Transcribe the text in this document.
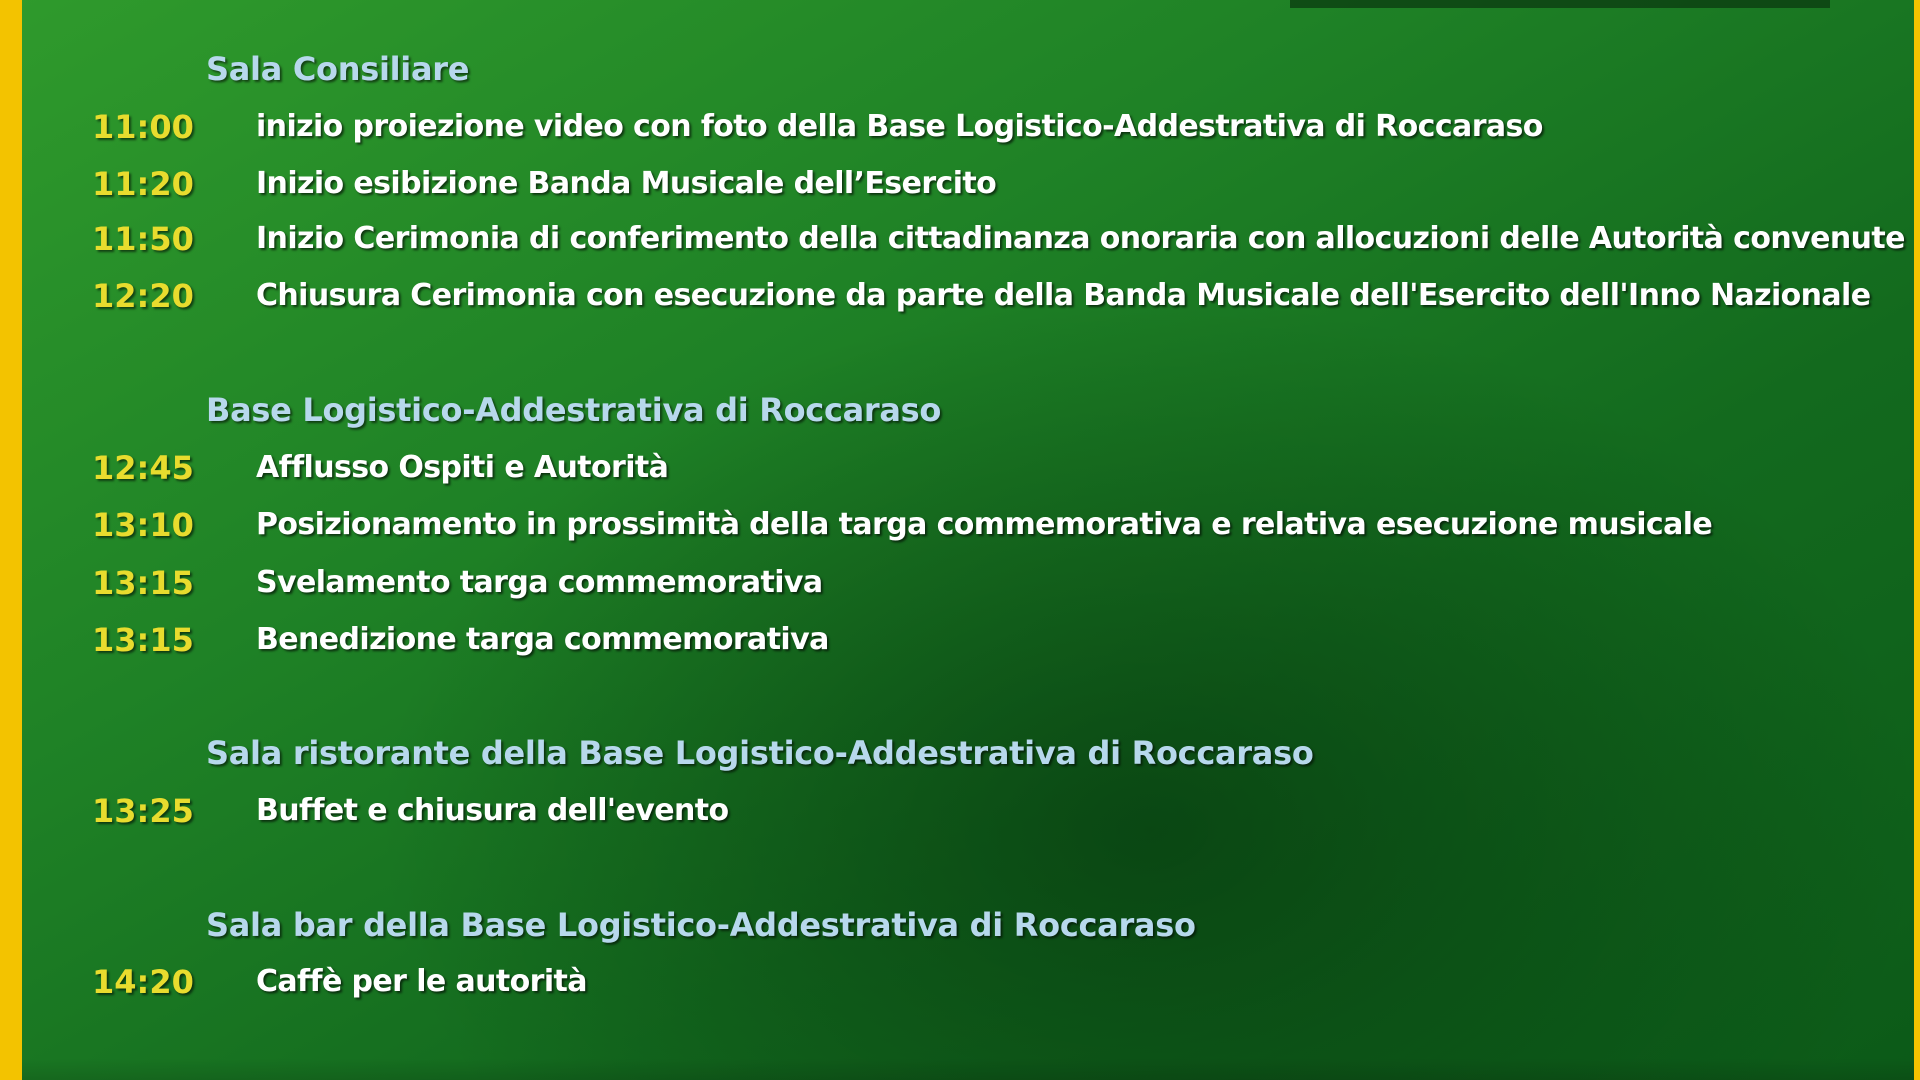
Sala Consiliare
11:00 inizio proiezione video con foto della Base Logistico-Addestrativa di Roccaraso
11:20 Inizio esibizione Banda Musicale dell’Esercito
11:50 Inizio Cerimonia di conferimento della cittadinanza onoraria con allocuzioni delle Autorità convenute
12:20 Chiusura Cerimonia con esecuzione da parte della Banda Musicale dell'Esercito dell'Inno Nazionale
Base Logistico-Addestrativa di Roccaraso
12:45 Afflusso Ospiti e Autorità
13:10 Posizionamento in prossimità della targa commemorativa e relativa esecuzione musicale
13:15 Svelamento targa commemorativa
13:15 Benedizione targa commemorativa
Sala ristorante della Base Logistico-Addestrativa di Roccaraso
13:25 Buffet e chiusura dell'evento
Sala bar della Base Logistico-Addestrativa di Roccaraso
14:20 Caffè per le autorità
